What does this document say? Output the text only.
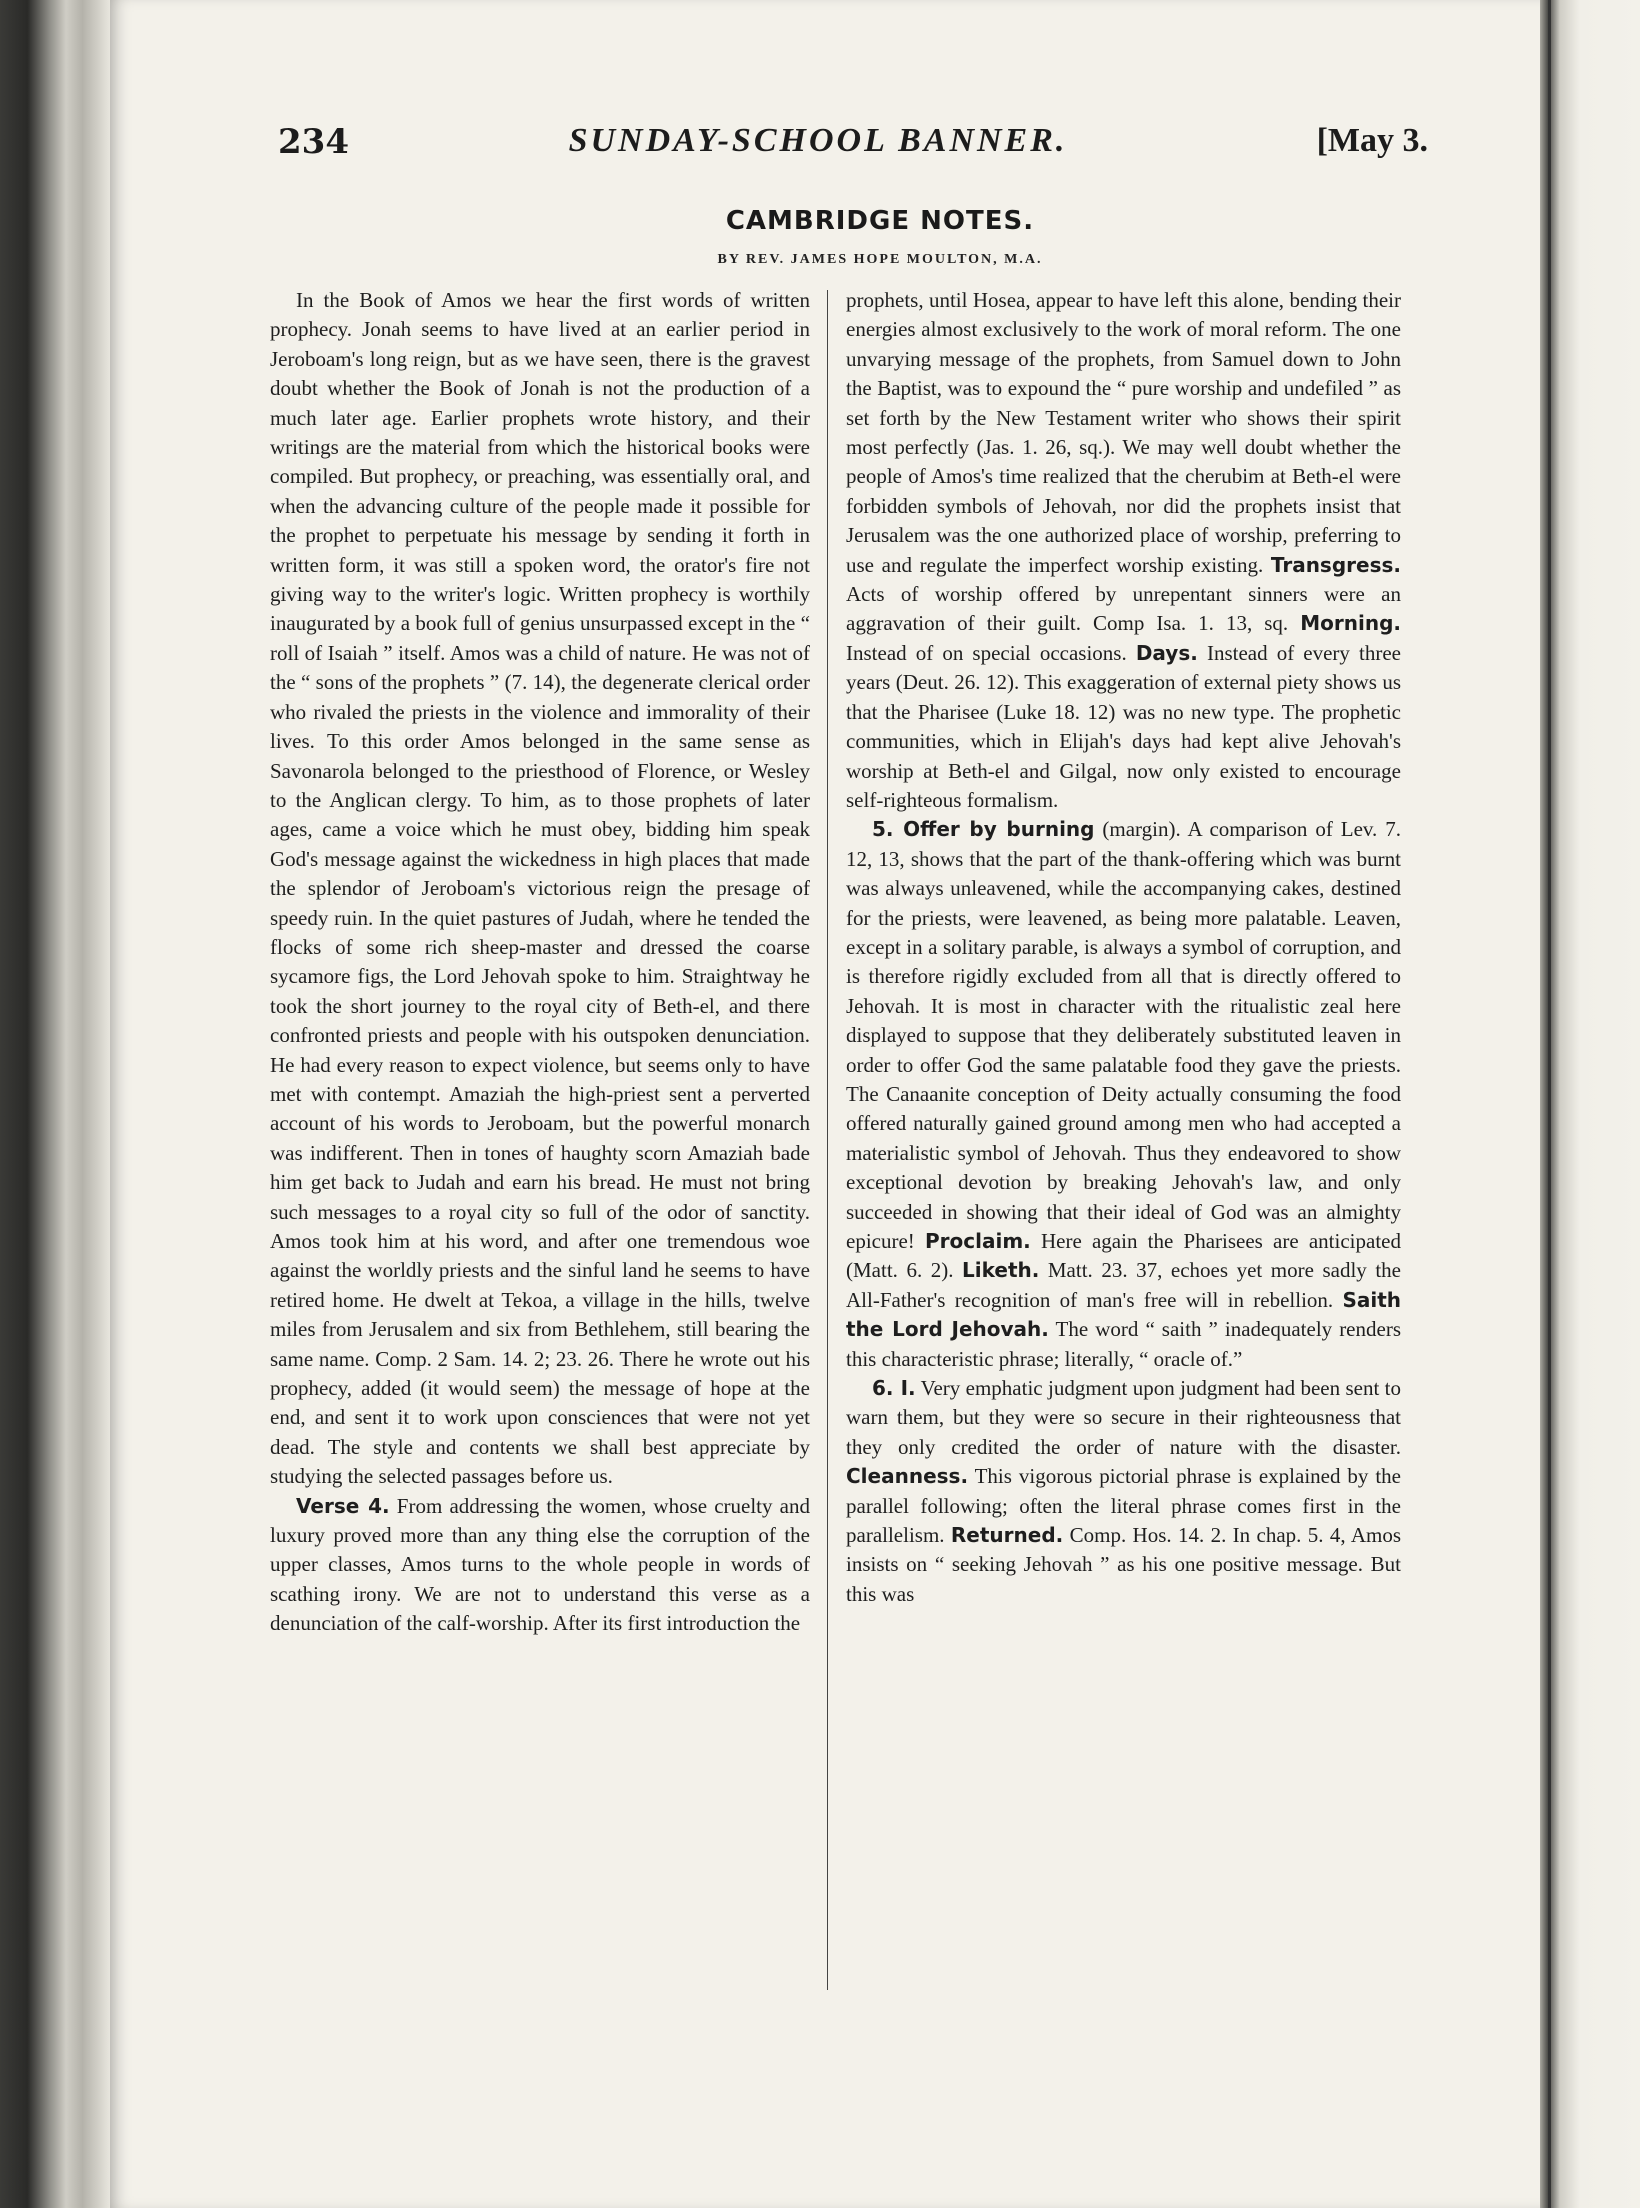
234	SUNDAY-SCHOOL BANNER.	[May 3.
CAMBRIDGE NOTES.
BY REV. JAMES HOPE MOULTON, M.A.

In the Book of Amos we hear the first words of written prophecy. Jonah seems to have lived at an earlier period in Jeroboam's long reign, but as we have seen, there is the gravest doubt whether the Book of Jonah is not the production of a much later age. Earlier prophets wrote history, and their writings are the material from which the historical books were compiled. But prophecy, or preaching, was essentially oral, and when the advancing culture of the people made it possible for the prophet to perpetuate his message by sending it forth in written form, it was still a spoken word, the orator's fire not giving way to the writer's logic. Written prophecy is worthily inaugurated by a book full of genius unsurpassed except in the “ roll of Isaiah ” itself. Amos was a child of nature. He was not of the “ sons of the prophets ” (7. 14), the degenerate clerical order who rivaled the priests in the violence and immorality of their lives. To this order Amos belonged in the same sense as Savonarola belonged to the priesthood of Florence, or Wesley to the Anglican clergy. To him, as to those prophets of later ages, came a voice which he must obey, bidding him speak God's message against the wickedness in high places that made the splendor of Jeroboam's victorious reign the presage of speedy ruin. In the quiet pastures of Judah, where he tended the flocks of some rich sheep-master and dressed the coarse sycamore figs, the Lord Jehovah spoke to him. Straightway he took the short journey to the royal city of Beth-el, and there confronted priests and people with his outspoken denunciation. He had every reason to expect violence, but seems only to have met with contempt. Amaziah the high-priest sent a perverted account of his words to Jeroboam, but the powerful monarch was indifferent. Then in tones of haughty scorn Amaziah bade him get back to Judah and earn his bread. He must not bring such messages to a royal city so full of the odor of sanctity. Amos took him at his word, and after one tremendous woe against the worldly priests and the sinful land he seems to have retired home. He dwelt at Tekoa, a village in the hills, twelve miles from Jerusalem and six from Bethlehem, still bearing the same name. Comp. 2 Sam. 14. 2; 23. 26. There he wrote out his prophecy, added (it would seem) the message of hope at the end, and sent it to work upon consciences that were not yet dead. The style and contents we shall best appreciate by studying the selected passages before us.

Verse 4. From addressing the women, whose cruelty and luxury proved more than any thing else the corruption of the upper classes, Amos turns to the whole people in words of scathing irony. We are not to understand this verse as a denunciation of the calf-worship. After its first introduction the

prophets, until Hosea, appear to have left this alone, bending their energies almost exclusively to the work of moral reform. The one unvarying message of the prophets, from Samuel down to John the Baptist, was to expound the “ pure worship and undefiled ” as set forth by the New Testament writer who shows their spirit most perfectly (Jas. 1. 26, sq.). We may well doubt whether the people of Amos's time realized that the cherubim at Beth-el were forbidden symbols of Jehovah, nor did the prophets insist that Jerusalem was the one authorized place of worship, preferring to use and regulate the imperfect worship existing. Transgress. Acts of worship offered by unrepentant sinners were an aggravation of their guilt. Comp Isa. 1. 13, sq. Morning. Instead of on special occasions. Days. Instead of every three years (Deut. 26. 12). This exaggeration of external piety shows us that the Pharisee (Luke 18. 12) was no new type. The prophetic communities, which in Elijah's days had kept alive Jehovah's worship at Beth-el and Gilgal, now only existed to encourage self-righteous formalism.

5. Offer by burning (margin). A comparison of Lev. 7. 12, 13, shows that the part of the thank-offering which was burnt was always unleavened, while the accompanying cakes, destined for the priests, were leavened, as being more palatable. Leaven, except in a solitary parable, is always a symbol of corruption, and is therefore rigidly excluded from all that is directly offered to Jehovah. It is most in character with the ritualistic zeal here displayed to suppose that they deliberately substituted leaven in order to offer God the same palatable food they gave the priests. The Canaanite conception of Deity actually consuming the food offered naturally gained ground among men who had accepted a materialistic symbol of Jehovah. Thus they endeavored to show exceptional devotion by breaking Jehovah's law, and only succeeded in showing that their ideal of God was an almighty epicure! Proclaim. Here again the Pharisees are anticipated (Matt. 6. 2). Liketh. Matt. 23. 37, echoes yet more sadly the All-Father's recognition of man's free will in rebellion. Saith the Lord Jehovah. The word “ saith ” inadequately renders this characteristic phrase; literally, “ oracle of.”

6. I. Very emphatic judgment upon judgment had been sent to warn them, but they were so secure in their righteousness that they only credited the order of nature with the disaster. Cleanness. This vigorous pictorial phrase is explained by the parallel following; often the literal phrase comes first in the parallelism. Returned. Comp. Hos. 14. 2. In chap. 5. 4, Amos insists on “ seeking Jehovah ” as his one positive message. But this was
